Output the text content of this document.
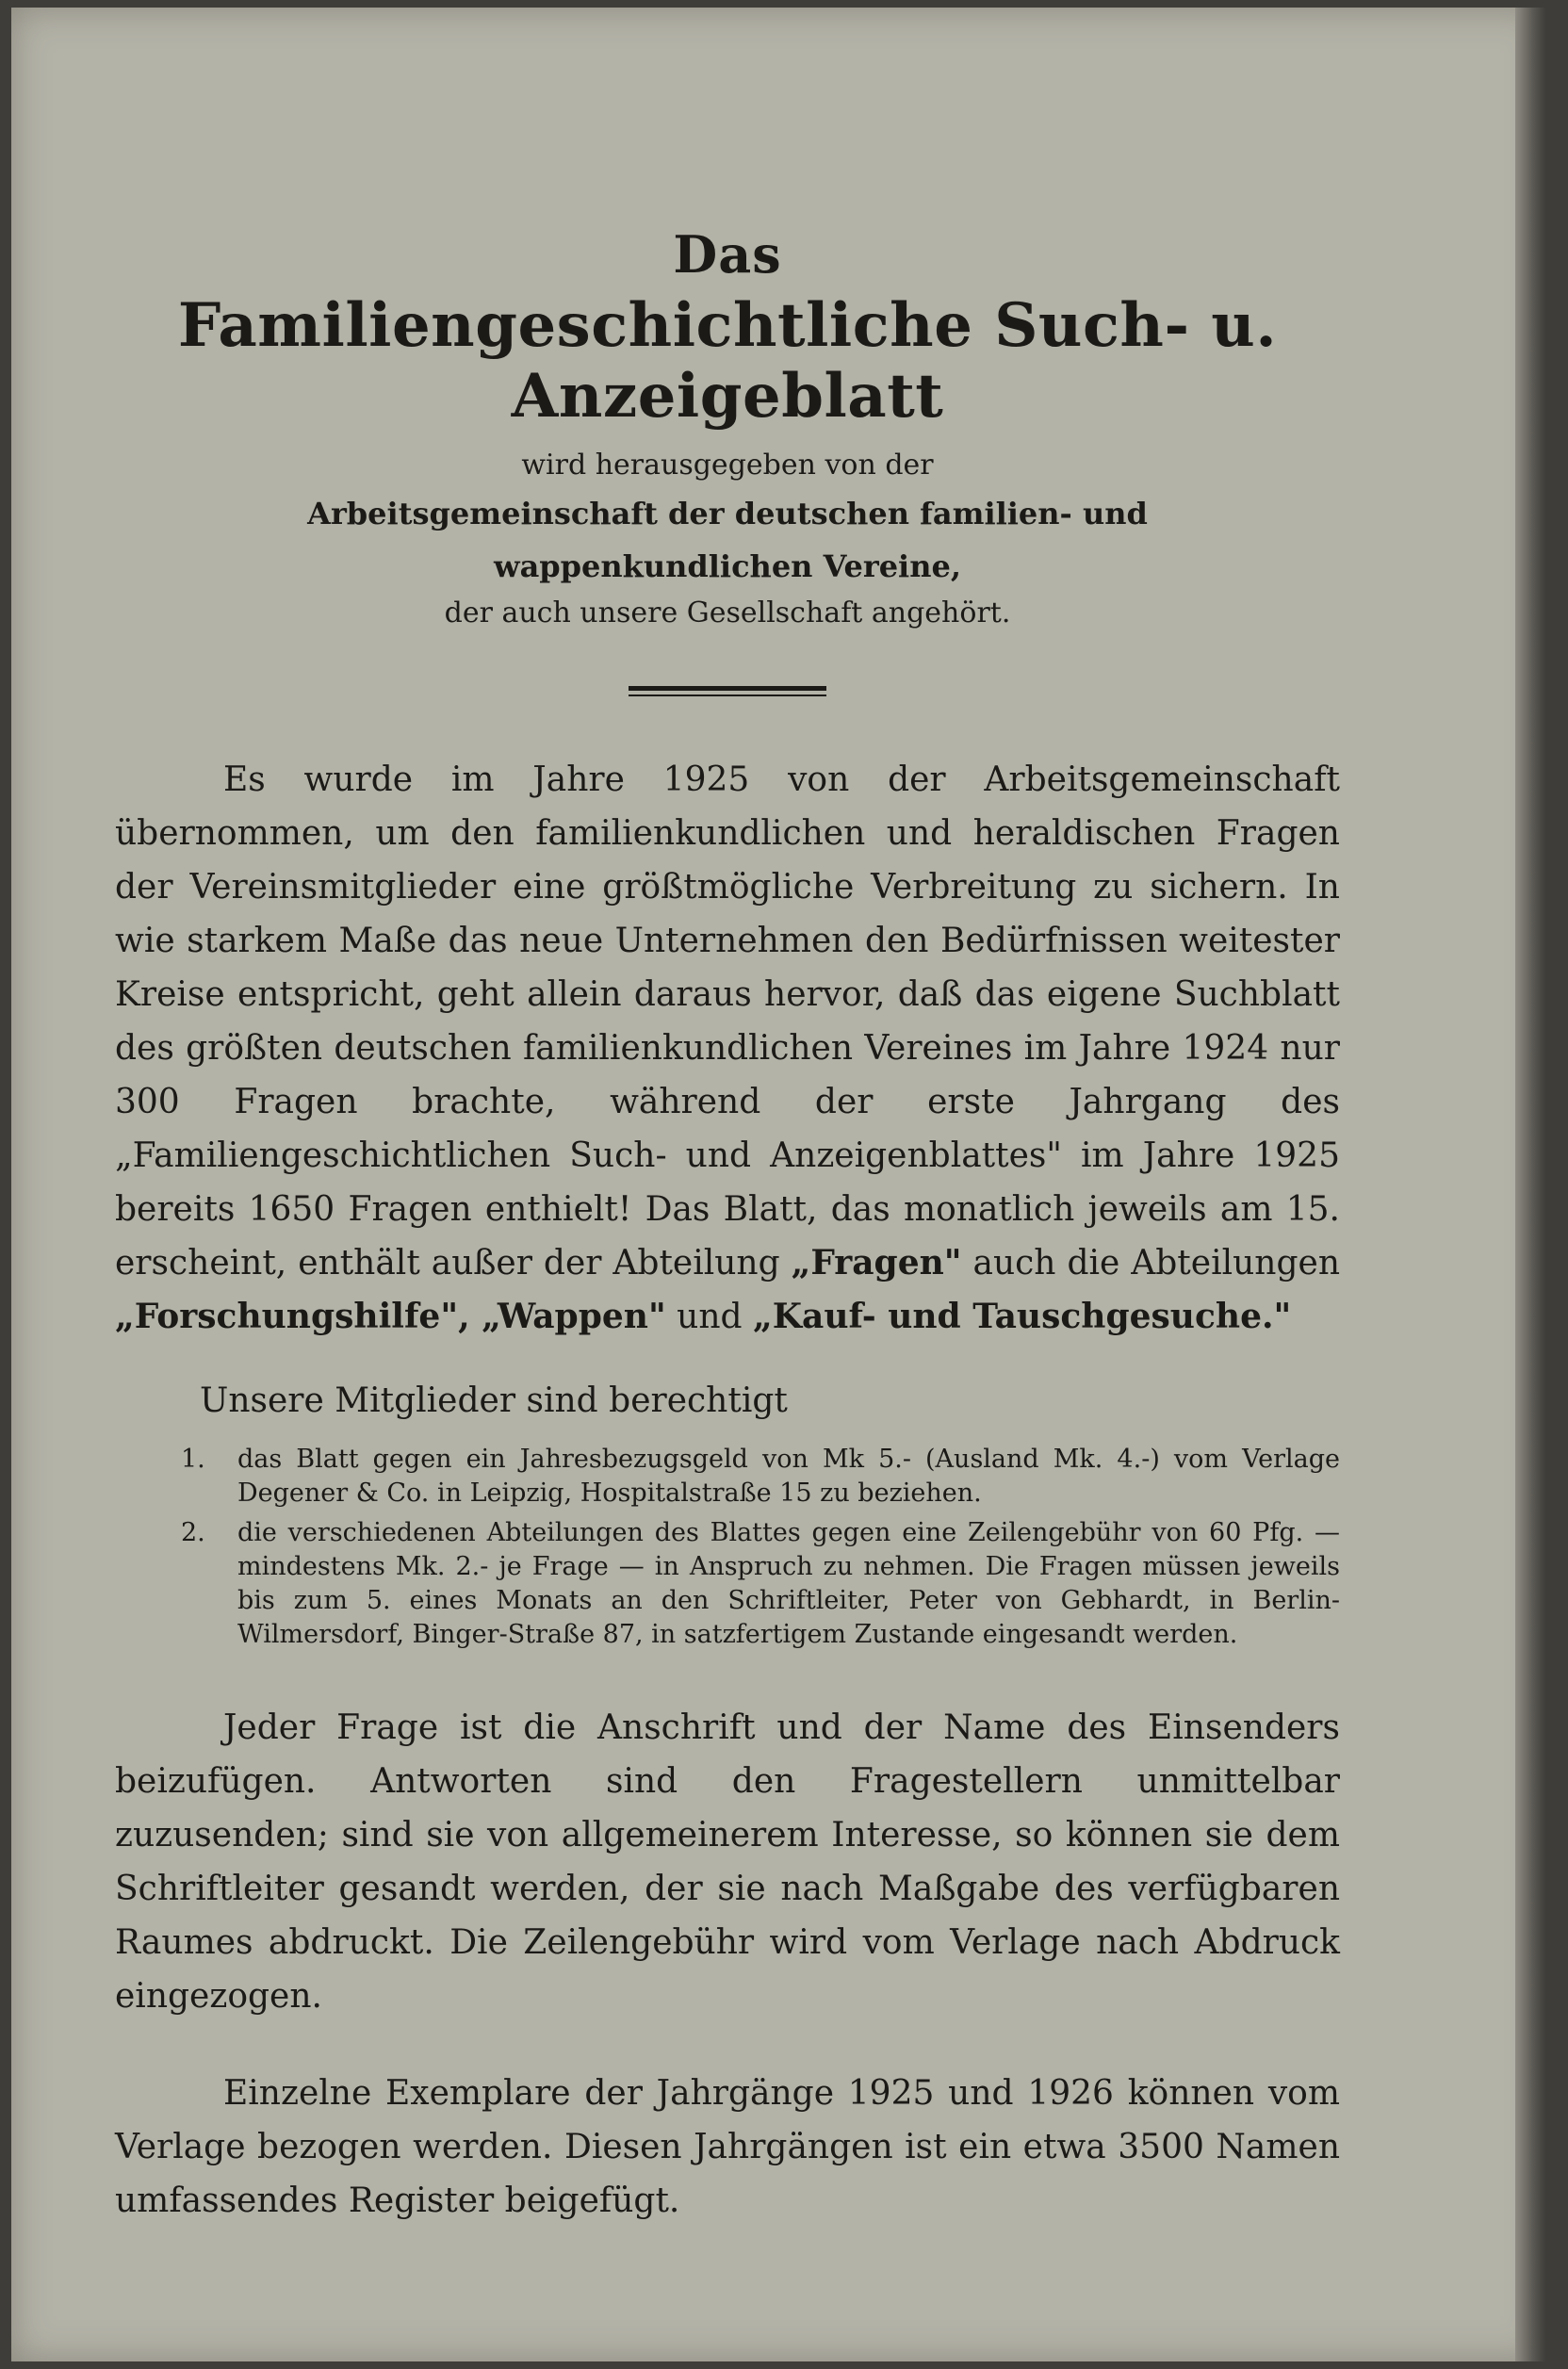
Das
Familiengeschichtliche Such- u. Anzeigeblatt
wird herausgegeben von der
Arbeitsgemeinschaft der deutschen familien- und
wappenkundlichen Vereine,
der auch unsere Gesellschaft angehört.

Es wurde im Jahre 1925 von der Arbeitsgemeinschaft übernommen, um den familienkundlichen und heraldischen Fragen der Vereinsmitglieder eine größtmögliche Verbreitung zu sichern. In wie starkem Maße das neue Unternehmen den Bedürfnissen weitester Kreise entspricht, geht allein daraus hervor, daß das eigene Suchblatt des größten deutschen familienkundlichen Vereines im Jahre 1924 nur 300 Fragen brachte, während der erste Jahrgang des „Familiengeschichtlichen Such- und Anzeigenblattes" im Jahre 1925 bereits 1650 Fragen enthielt! Das Blatt, das monatlich jeweils am 15. erscheint, enthält außer der Abteilung „Fragen" auch die Abteilungen „Forschungshilfe", „Wappen" und „Kauf- und Tauschgesuche."

Unsere Mitglieder sind berechtigt
1.	das Blatt gegen ein Jahresbezugsgeld von Mk 5.- (Ausland Mk. 4.-) vom Verlage Degener & Co. in Leipzig, Hospitalstraße 15 zu beziehen.
2.	die verschiedenen Abteilungen des Blattes gegen eine Zeilengebühr von 60 Pfg. — mindestens Mk. 2.- je Frage — in Anspruch zu nehmen. Die Fragen müssen jeweils bis zum 5. eines Monats an den Schriftleiter, Peter von Gebhardt, in Berlin-Wilmersdorf, Binger-Straße 87, in satzfertigem Zustande eingesandt werden.

Jeder Frage ist die Anschrift und der Name des Einsenders beizufügen. Antworten sind den Fragestellern unmittelbar zuzusenden; sind sie von allgemeinerem Interesse, so können sie dem Schriftleiter gesandt werden, der sie nach Maßgabe des verfügbaren Raumes abdruckt. Die Zeilengebühr wird vom Verlage nach Abdruck eingezogen.

Einzelne Exemplare der Jahrgänge 1925 und 1926 können vom Verlage bezogen werden. Diesen Jahrgängen ist ein etwa 3500 Namen umfassendes Register beigefügt.
